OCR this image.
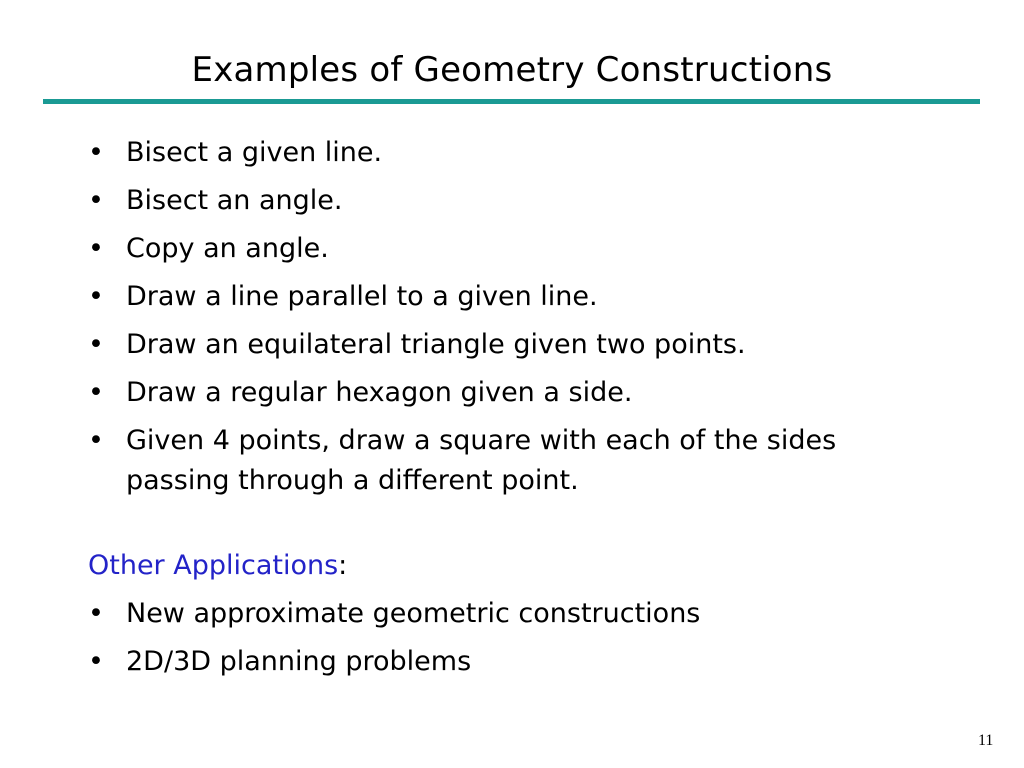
Examples of Geometry Constructions
• Bisect a given line.
• Bisect an angle.
• Copy an angle.
• Draw a line parallel to a given line.
• Draw an equilateral triangle given two points.
• Draw a regular hexagon given a side.
• Given 4 points, draw a square with each of the sides passing through a different point.
Other Applications:
• New approximate geometric constructions
• 2D/3D planning problems
11
